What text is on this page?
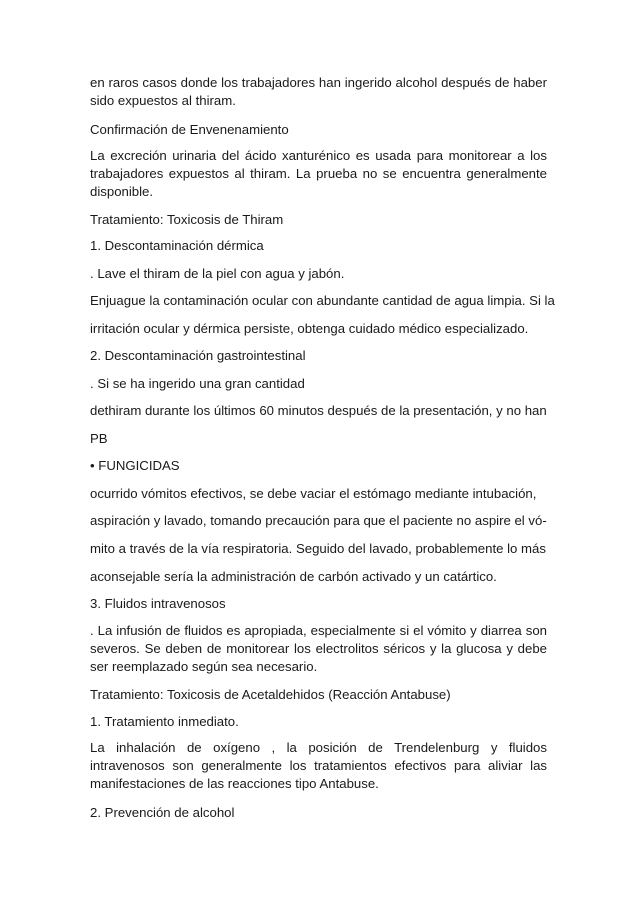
en raros casos donde los trabajadores han ingerido alcohol después de haber sido expuestos al thiram.

Confirmación de Envenenamiento

La excreción urinaria del ácido xanturénico es usada para monitorear a los trabajadores expuestos al thiram. La prueba no se encuentra generalmente disponible.

Tratamiento: Toxicosis de Thiram

1. Descontaminación dérmica

. Lave el thiram de la piel con agua y jabón.

Enjuague la contaminación ocular con abundante cantidad de agua limpia. Si la

irritación ocular y dérmica persiste, obtenga cuidado médico especializado.

2. Descontaminación gastrointestinal

. Si se ha ingerido una gran cantidad

dethiram durante los últimos 60 minutos después de la presentación, y no han

PB

• FUNGICIDAS

ocurrido vómitos efectivos, se debe vaciar el estómago mediante intubación,

aspiración y lavado, tomando precaución para que el paciente no aspire el vó-

mito a través de la vía respiratoria. Seguido del lavado, probablemente lo más

aconsejable sería la administración de carbón activado y un catártico.

3. Fluidos intravenosos

. La infusión de fluidos es apropiada, especialmente si el vómito y diarrea son severos. Se deben de monitorear los electrolitos séricos y la glucosa y debe ser reemplazado según sea necesario.

Tratamiento: Toxicosis de Acetaldehidos (Reacción Antabuse)

1. Tratamiento inmediato.

La inhalación de oxígeno , la posición de Trendelenburg y fluidos intravenosos son generalmente los tratamientos efectivos para aliviar las manifestaciones de las reacciones tipo Antabuse.

2. Prevención de alcohol
